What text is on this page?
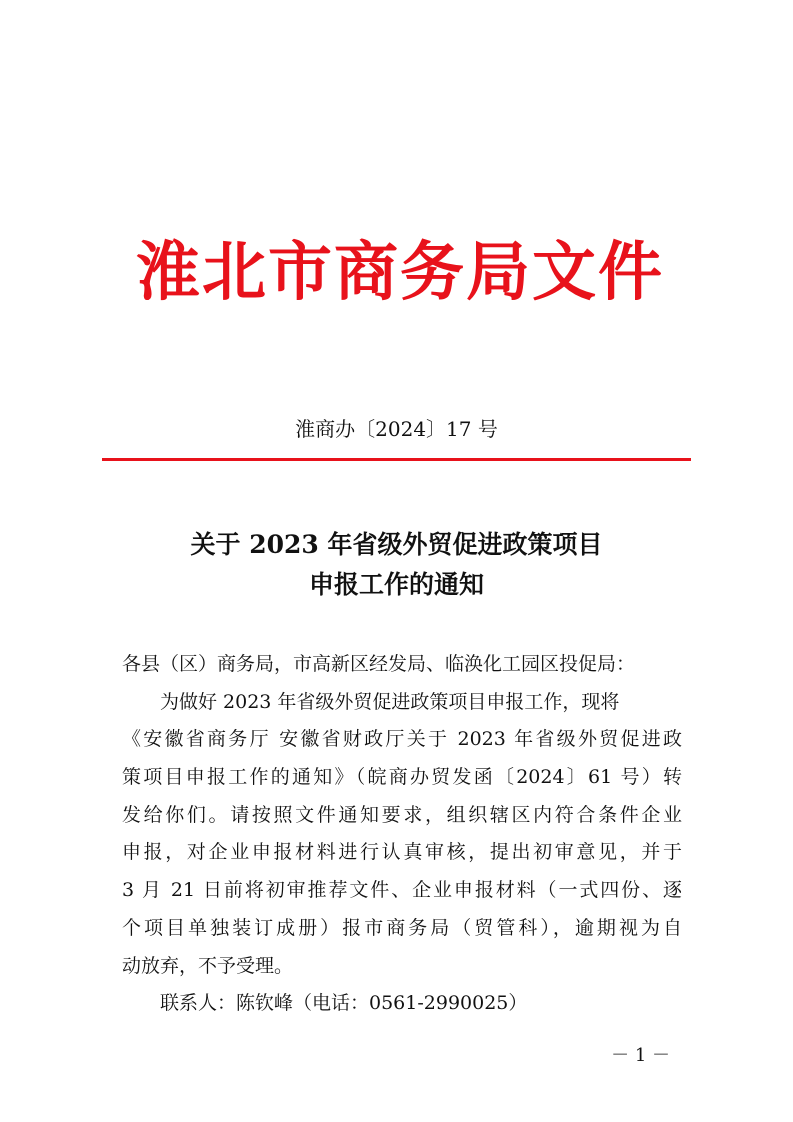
淮北市商务局文件
淮商办〔2024〕17 号
关于 2023 年省级外贸促进政策项目
申报工作的通知
各县（区）商务局，市高新区经发局、临涣化工园区投促局：
为做好 2023 年省级外贸促进政策项目申报工作，现将
《安徽省商务厅 安徽省财政厅关于 2023 年省级外贸促进政
策项目申报工作的通知》（皖商办贸发函〔2024〕61 号）转
发给你们。请按照文件通知要求，组织辖区内符合条件企业
申报，对企业申报材料进行认真审核，提出初审意见，并于
3 月 21 日前将初审推荐文件、企业申报材料（一式四份、逐
个项目单独装订成册）报市商务局（贸管科），逾期视为自
动放弃，不予受理。
联系人：陈钦峰（电话：0561-2990025）
－ 1 －
